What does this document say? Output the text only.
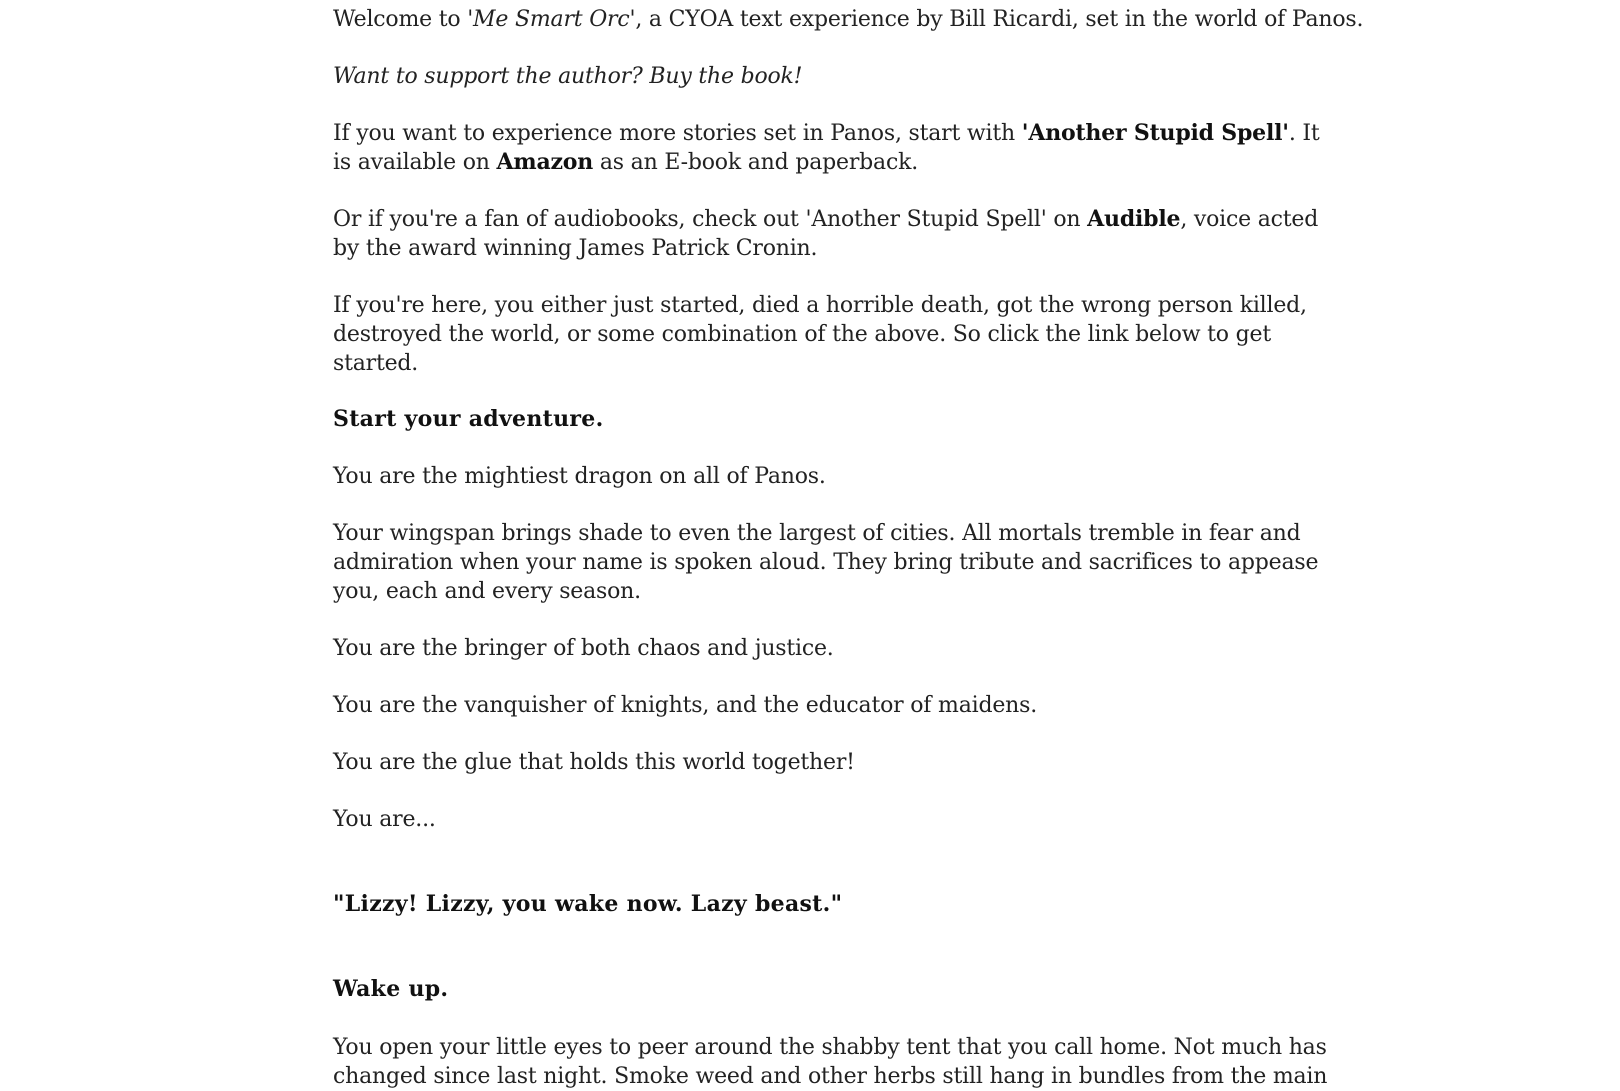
Welcome to 'Me Smart Orc', a CYOA text experience by Bill Ricardi, set in the world of Panos.

Want to support the author? Buy the book!

If you want to experience more stories set in Panos, start with 'Another Stupid Spell'. It is available on Amazon as an E-book and paperback.

Or if you're a fan of audiobooks, check out 'Another Stupid Spell' on Audible, voice acted by the award winning James Patrick Cronin.

If you're here, you either just started, died a horrible death, got the wrong person killed, destroyed the world, or some combination of the above. So click the link below to get started.

Start your adventure.

You are the mightiest dragon on all of Panos.

Your wingspan brings shade to even the largest of cities. All mortals tremble in fear and admiration when your name is spoken aloud. They bring tribute and sacrifices to appease you, each and every season.

You are the bringer of both chaos and justice.

You are the vanquisher of knights, and the educator of maidens.

You are the glue that holds this world together!

You are...

"Lizzy! Lizzy, you wake now. Lazy beast."

Wake up.

You open your little eyes to peer around the shabby tent that you call home. Not much has changed since last night. Smoke weed and other herbs still hang in bundles from the main
